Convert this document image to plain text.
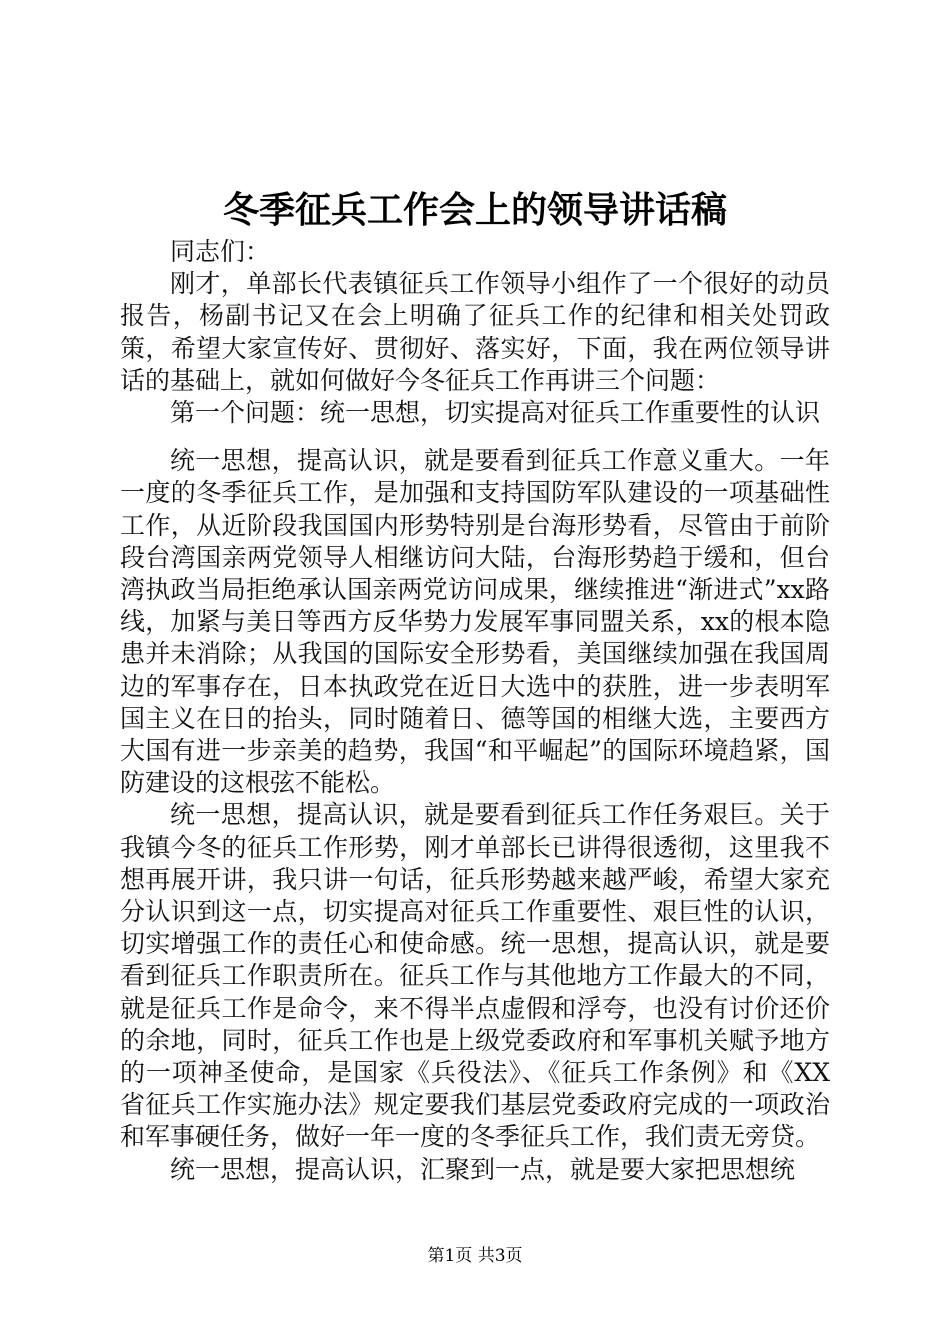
冬季征兵工作会上的领导讲话稿

同志们：

刚才，单部长代表镇征兵工作领导小组作了一个很好的动员报告，杨副书记又在会上明确了征兵工作的纪律和相关处罚政策，希望大家宣传好、贯彻好、落实好，下面，我在两位领导讲话的基础上，就如何做好今冬征兵工作再讲三个问题：

第一个问题：统一思想，切实提高对征兵工作重要性的认识

统一思想，提高认识，就是要看到征兵工作意义重大。一年一度的冬季征兵工作，是加强和支持国防军队建设的一项基础性工作，从近阶段我国国内形势特别是台海形势看，尽管由于前阶段台湾国亲两党领导人相继访问大陆，台海形势趋于缓和，但台湾执政当局拒绝承认国亲两党访问成果，继续推进“渐进式”xx路线，加紧与美日等西方反华势力发展军事同盟关系，xx的根本隐患并未消除；从我国的国际安全形势看，美国继续加强在我国周边的军事存在，日本执政党在近日大选中的获胜，进一步表明军国主义在日的抬头，同时随着日、德等国的相继大选，主要西方大国有进一步亲美的趋势，我国“和平崛起”的国际环境趋紧，国防建设的这根弦不能松。

统一思想，提高认识，就是要看到征兵工作任务艰巨。关于我镇今冬的征兵工作形势，刚才单部长已讲得很透彻，这里我不想再展开讲，我只讲一句话，征兵形势越来越严峻，希望大家充分认识到这一点，切实提高对征兵工作重要性、艰巨性的认识，切实增强工作的责任心和使命感。统一思想，提高认识，就是要看到征兵工作职责所在。征兵工作与其他地方工作最大的不同，就是征兵工作是命令，来不得半点虚假和浮夸，也没有讨价还价的余地，同时，征兵工作也是上级党委政府和军事机关赋予地方的一项神圣使命，是国家《兵役法》、《征兵工作条例》和《XX省征兵工作实施办法》规定要我们基层党委政府完成的一项政治和军事硬任务，做好一年一度的冬季征兵工作，我们责无旁贷。

统一思想，提高认识，汇聚到一点，就是要大家把思想统

第1页 共3页
